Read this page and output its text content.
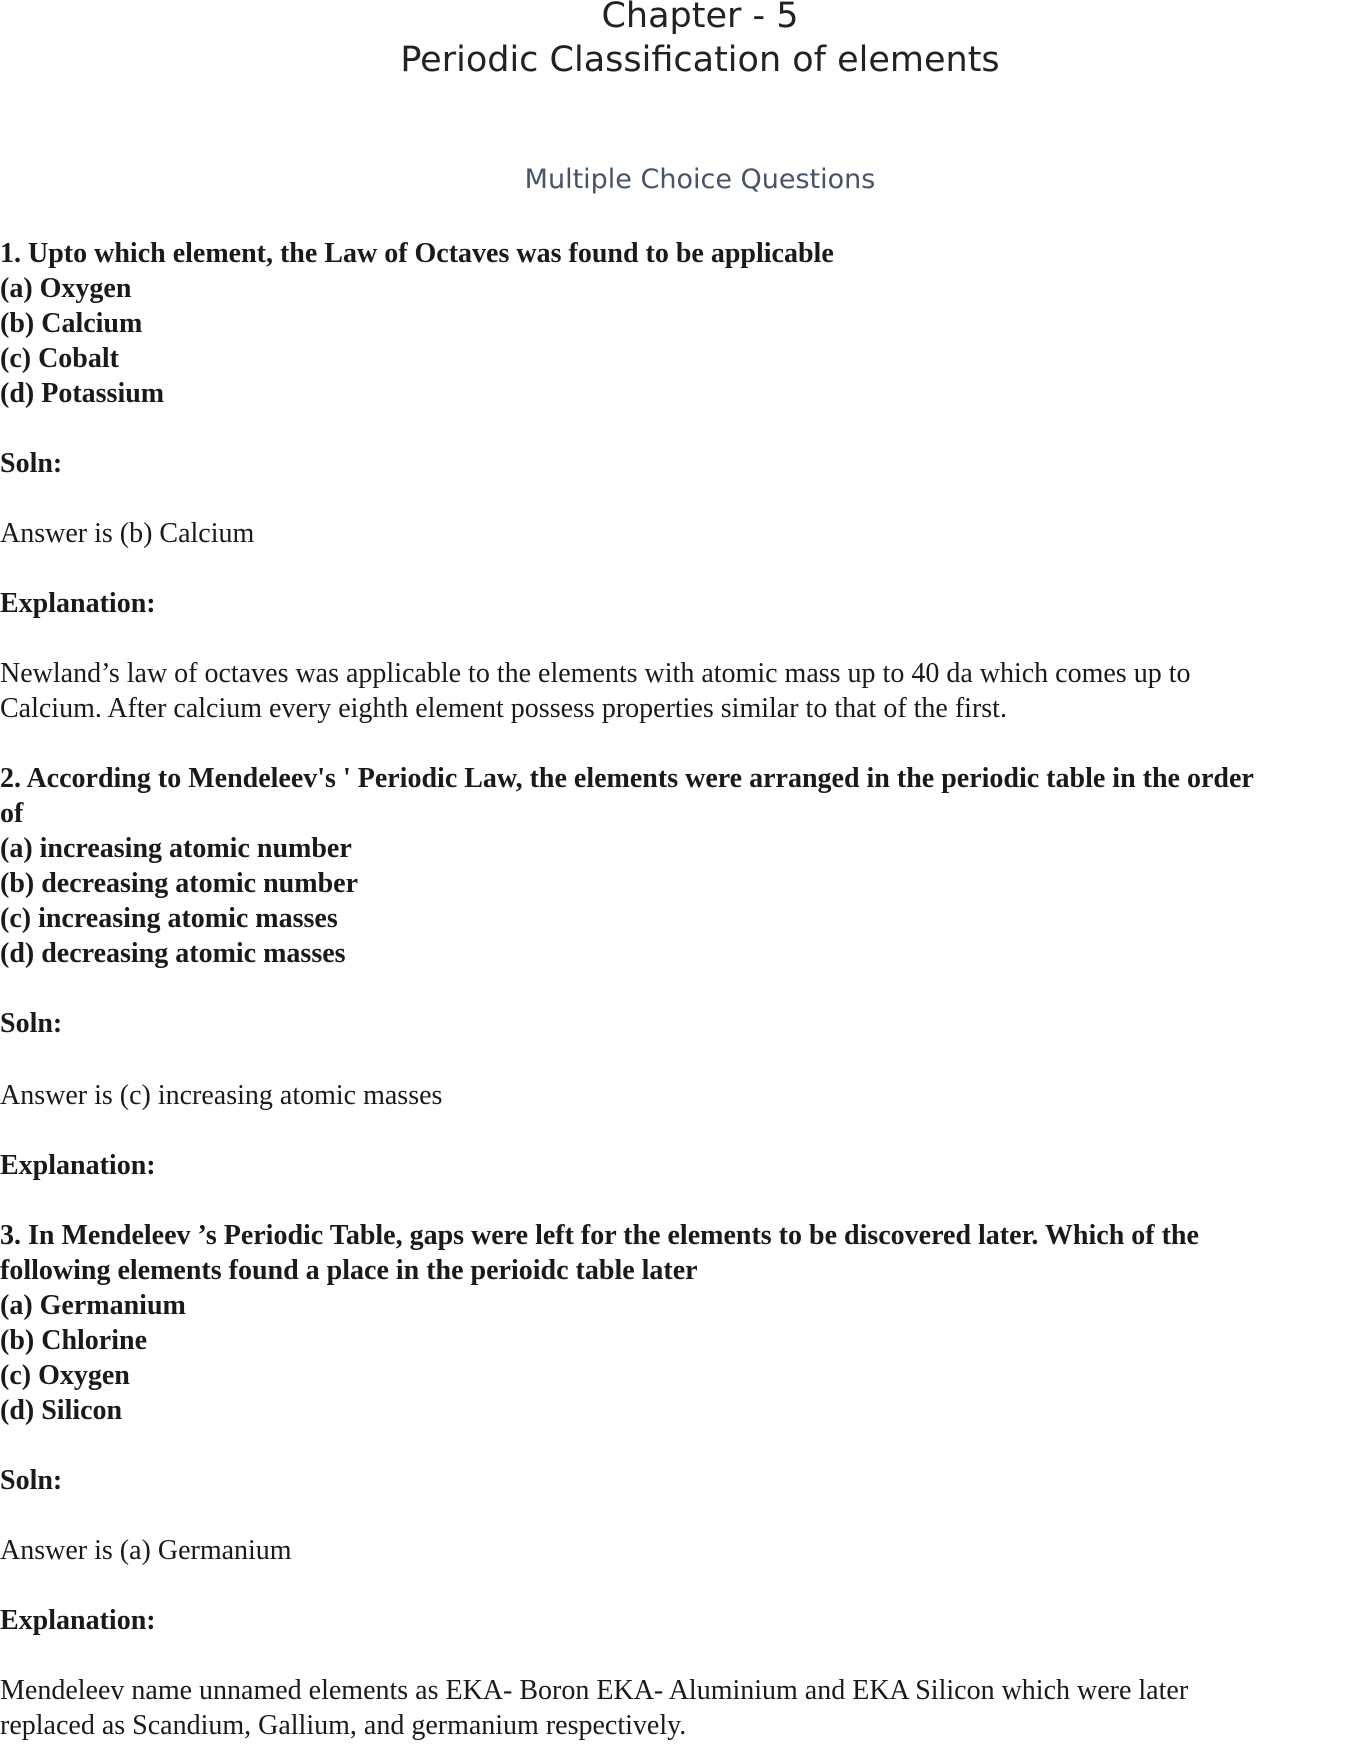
Chapter - 5
Periodic Classification of elements
Multiple Choice Questions
1. Upto which element, the Law of Octaves was found to be applicable
(a) Oxygen
(b) Calcium
(c) Cobalt
(d) Potassium
Soln:
Answer is (b) Calcium
Explanation:
Newland’s law of octaves was applicable to the elements with atomic mass up to 40 da which comes up to
Calcium. After calcium every eighth element possess properties similar to that of the first.
2. According to Mendeleev's ' Periodic Law, the elements were arranged in the periodic table in the order
of
(a) increasing atomic number
(b) decreasing atomic number
(c) increasing atomic masses
(d) decreasing atomic masses
Soln:
Answer is (c) increasing atomic masses
Explanation:
3. In Mendeleev ’s Periodic Table, gaps were left for the elements to be discovered later. Which of the
following elements found a place in the perioidc table later
(a) Germanium
(b) Chlorine
(c) Oxygen
(d) Silicon
Soln:
Answer is (a) Germanium
Explanation:
Mendeleev name unnamed elements as EKA- Boron EKA- Aluminium and EKA Silicon which were later
replaced as Scandium, Gallium, and germanium respectively.
